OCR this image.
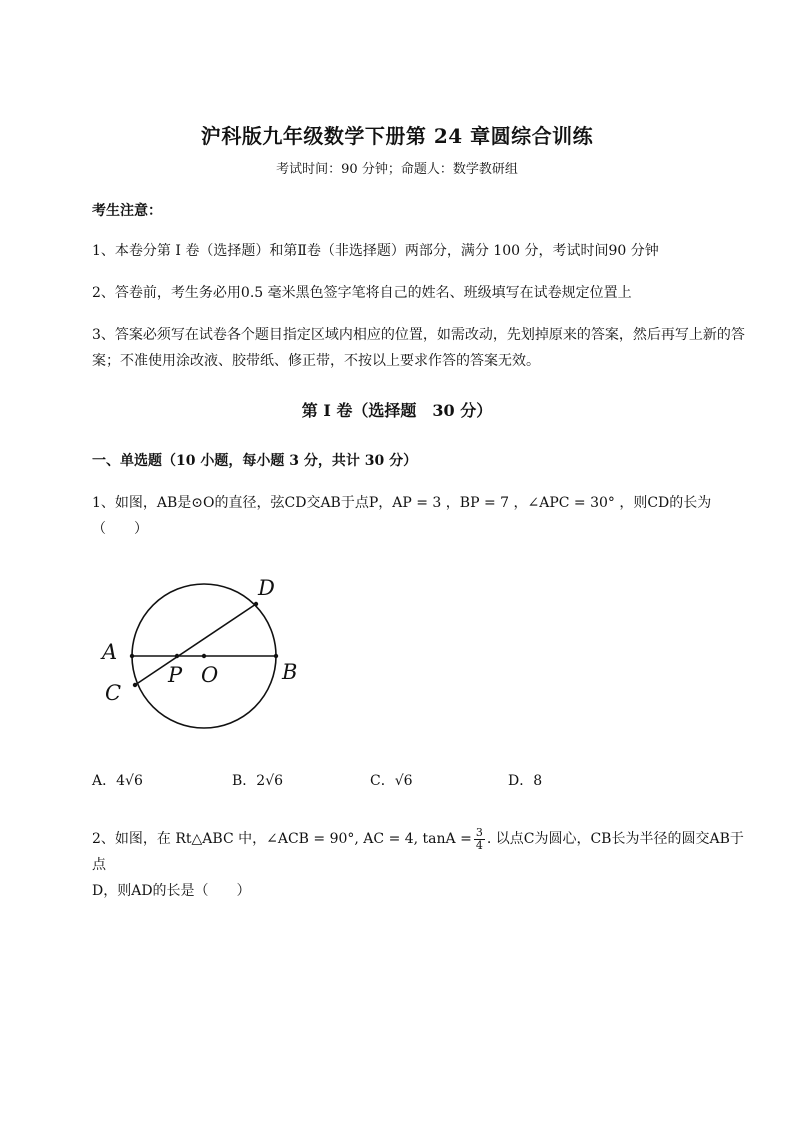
沪科版九年级数学下册第 24 章圆综合训练
考试时间：90 分钟；命题人：数学教研组
考生注意：
1、本卷分第 I 卷（选择题）和第Ⅱ卷（非选择题）两部分，满分 100 分，考试时间90 分钟
2、答卷前，考生务必用0.5 毫米黑色签字笔将自己的姓名、班级填写在试卷规定位置上
3、答案必须写在试卷各个题目指定区域内相应的位置，如需改动，先划掉原来的答案，然后再写上新的答案；不准使用涂改液、胶带纸、修正带，不按以上要求作答的答案无效。
第 I 卷（选择题　30 分）
一、单选题（10 小题，每小题 3 分，共计 30 分）
1、如图，AB是⊙O的直径，弦CD交AB于点P，AP = 3 ，BP = 7 ，∠APC = 30° ，则CD的长为
（　　）
A
B
C
D
P O
A．4√6	B．2√6	C．√6	D．8
2、如图，在 Rt△ABC 中，∠ACB = 90°, AC = 4, $\tan A = \frac{3}{4}$ . 以点C为圆心，CB长为半径的圆交AB于点
D，则AD的长是（　　）
